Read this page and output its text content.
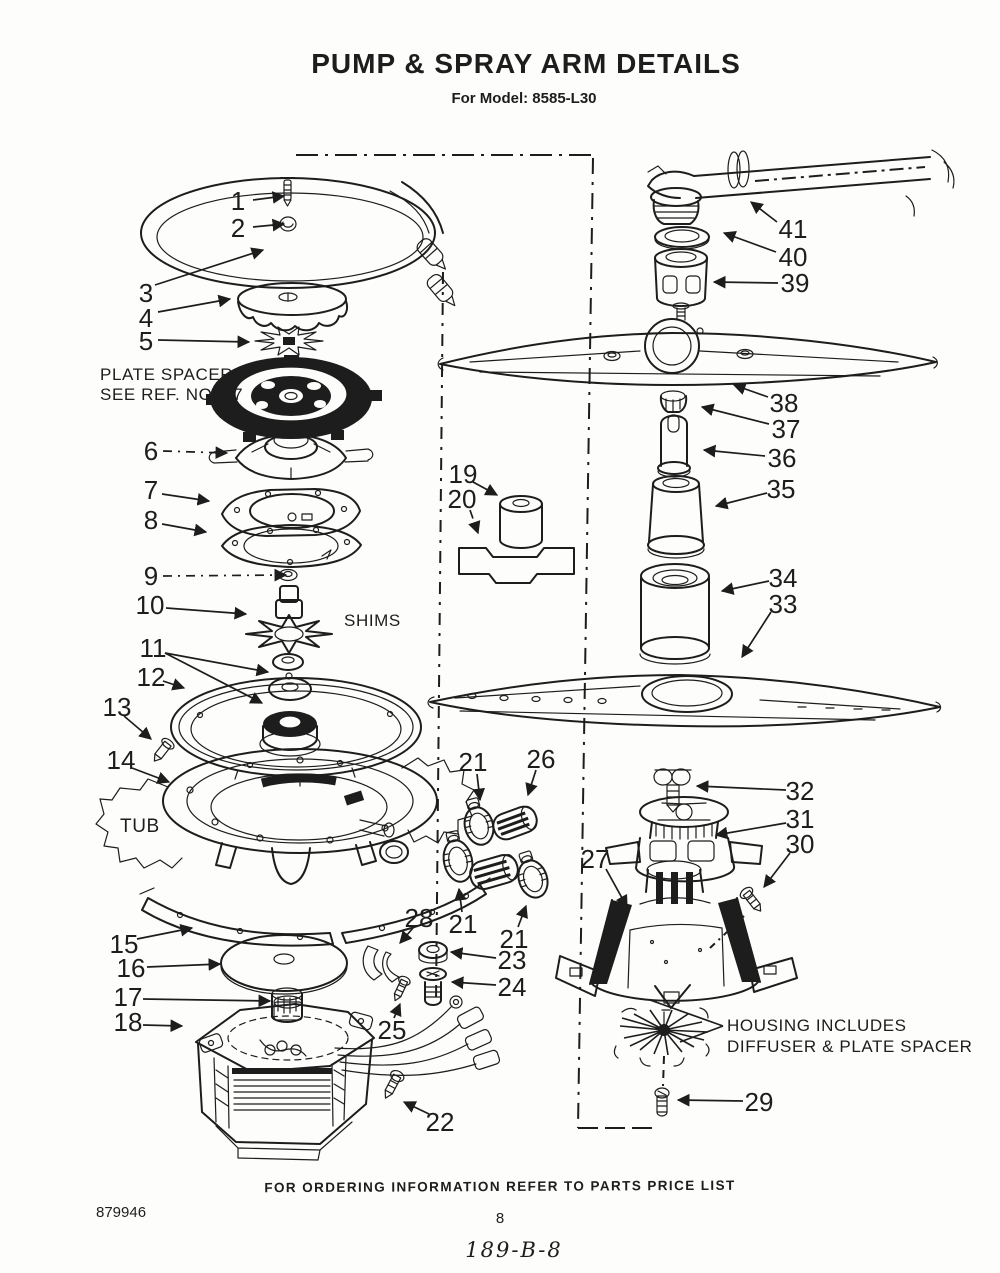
PUMP & SPRAY ARM DETAILS
For Model: 8585-L30
1
2
3
4
5
6
7
8
9
10
11
12
13
14
15
16
17
18
19
20
21
21 21
22
23
24
25
26
27
28
29
30
31
32
33
34
35
36
37
38
39
40
41
PLATE SPACER
SEE REF. NO. 27
SHIMS
TUB
HOUSING INCLUDES
DIFFUSER & PLATE SPACER
FOR ORDERING INFORMATION REFER TO PARTS PRICE LIST
879946	8
189-B-8
